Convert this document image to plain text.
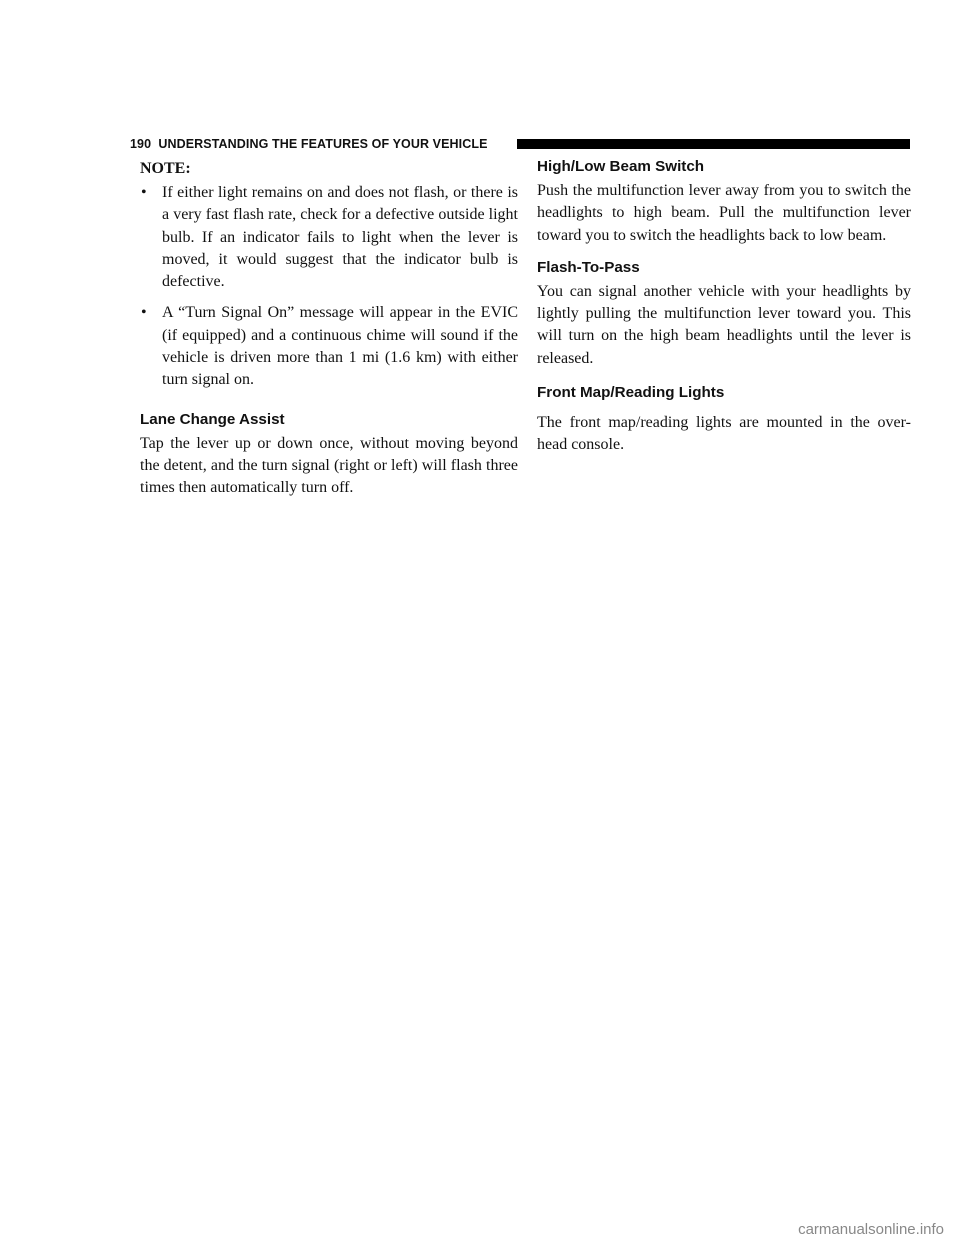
190 UNDERSTANDING THE FEATURES OF YOUR VEHICLE
NOTE:
• If either light remains on and does not flash, or there is a very fast flash rate, check for a defective outside light bulb. If an indicator fails to light when the lever is moved, it would suggest that the indicator bulb is defective.
• A “Turn Signal On” message will appear in the EVIC (if equipped) and a continuous chime will sound if the vehicle is driven more than 1 mi (1.6 km) with either turn signal on.
Lane Change Assist

Tap the lever up or down once, without moving beyond the detent, and the turn signal (right or left) will flash three times then automatically turn off.

High/Low Beam Switch

Push the multifunction lever away from you to switch the headlights to high beam. Pull the multifunction lever toward you to switch the headlights back to low beam.

Flash-To-Pass

You can signal another vehicle with your headlights by lightly pulling the multifunction lever toward you. This will turn on the high beam headlights until the lever is released.

Front Map/Reading Lights

The front map/reading lights are mounted in the over-head console.

carmanualsonline.info
